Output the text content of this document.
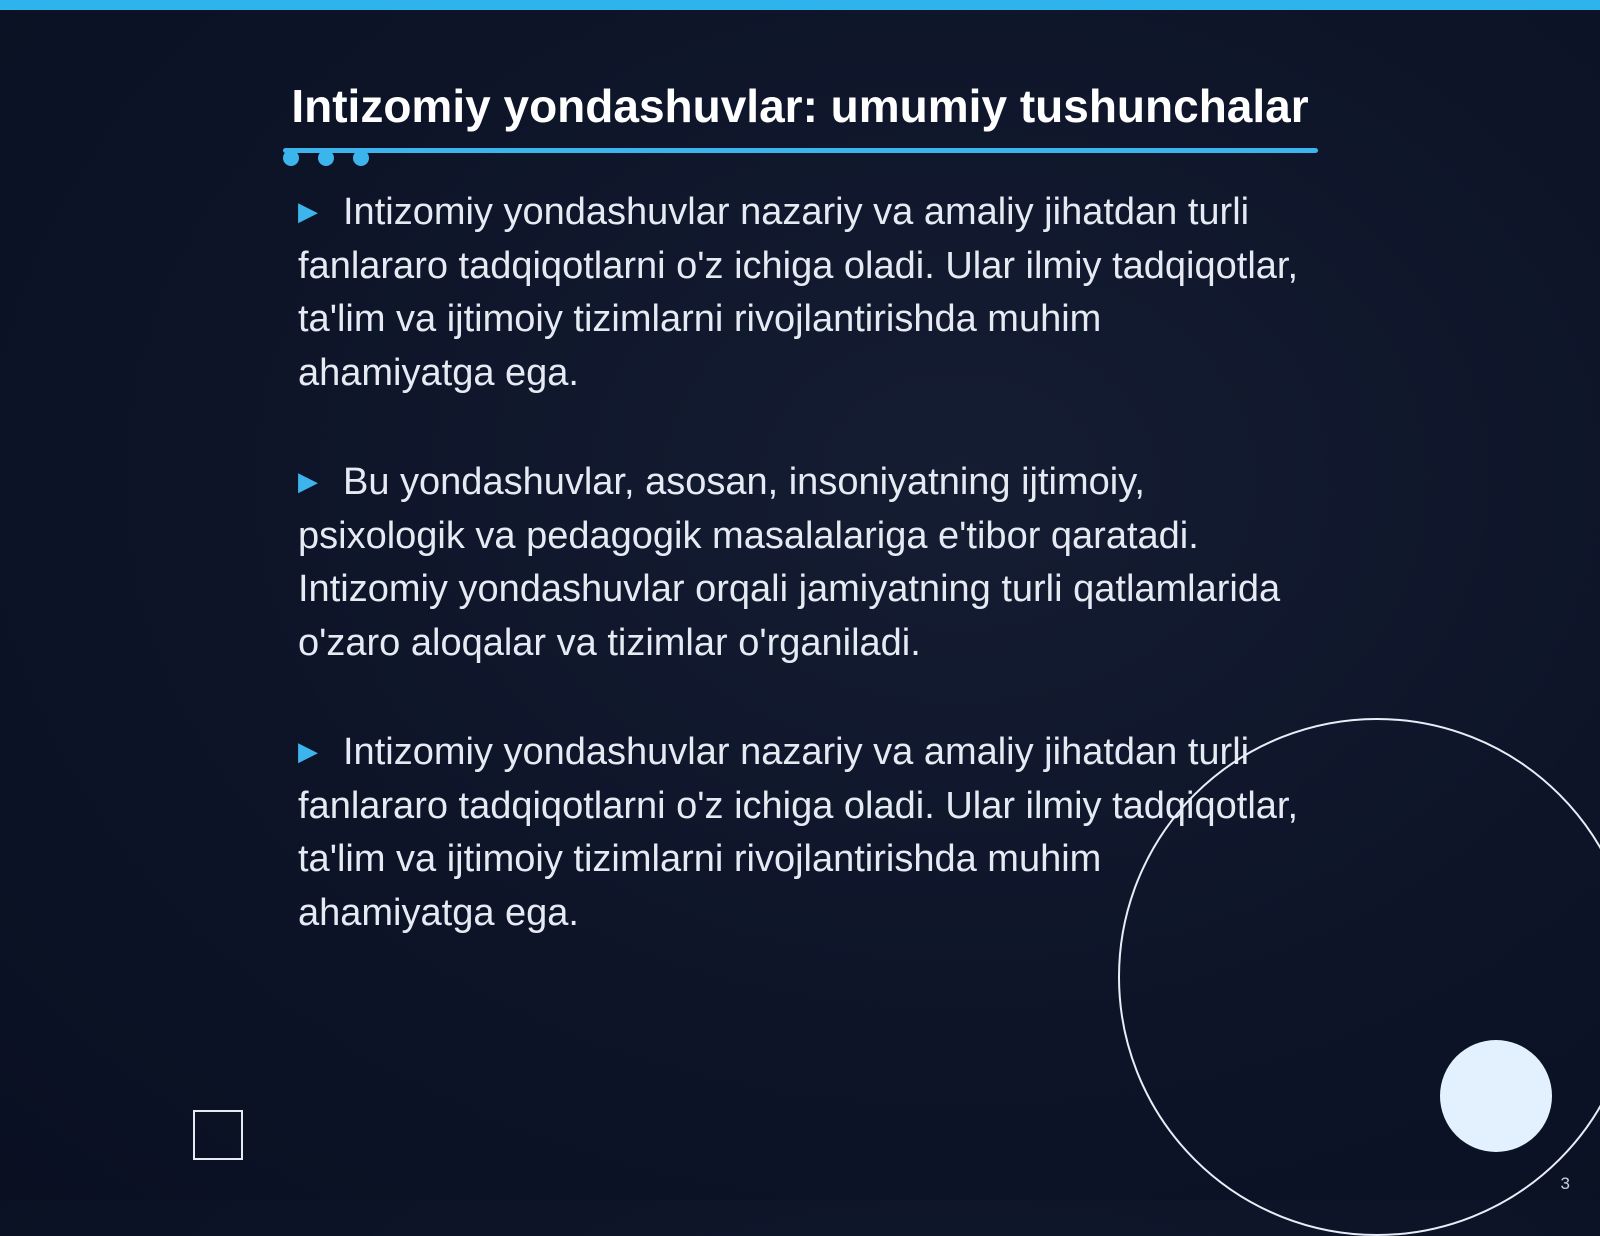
Intizomiy yondashuvlar: umumiy tushunchalar
▶ Intizomiy yondashuvlar nazariy va amaliy jihatdan turli fanlararo tadqiqotlarni o'z ichiga oladi. Ular ilmiy tadqiqotlar, ta'lim va ijtimoiy tizimlarni rivojlantirishda muhim ahamiyatga ega.
▶ Bu yondashuvlar, asosan, insoniyatning ijtimoiy, psixologik va pedagogik masalalariga e'tibor qaratadi. Intizomiy yondashuvlar orqali jamiyatning turli qatlamlarida o'zaro aloqalar va tizimlar o'rganiladi.
▶ Intizomiy yondashuvlar nazariy va amaliy jihatdan turli fanlararo tadqiqotlarni o'z ichiga oladi. Ular ilmiy tadqiqotlar, ta'lim va ijtimoiy tizimlarni rivojlantirishda muhim ahamiyatga ega.
3
